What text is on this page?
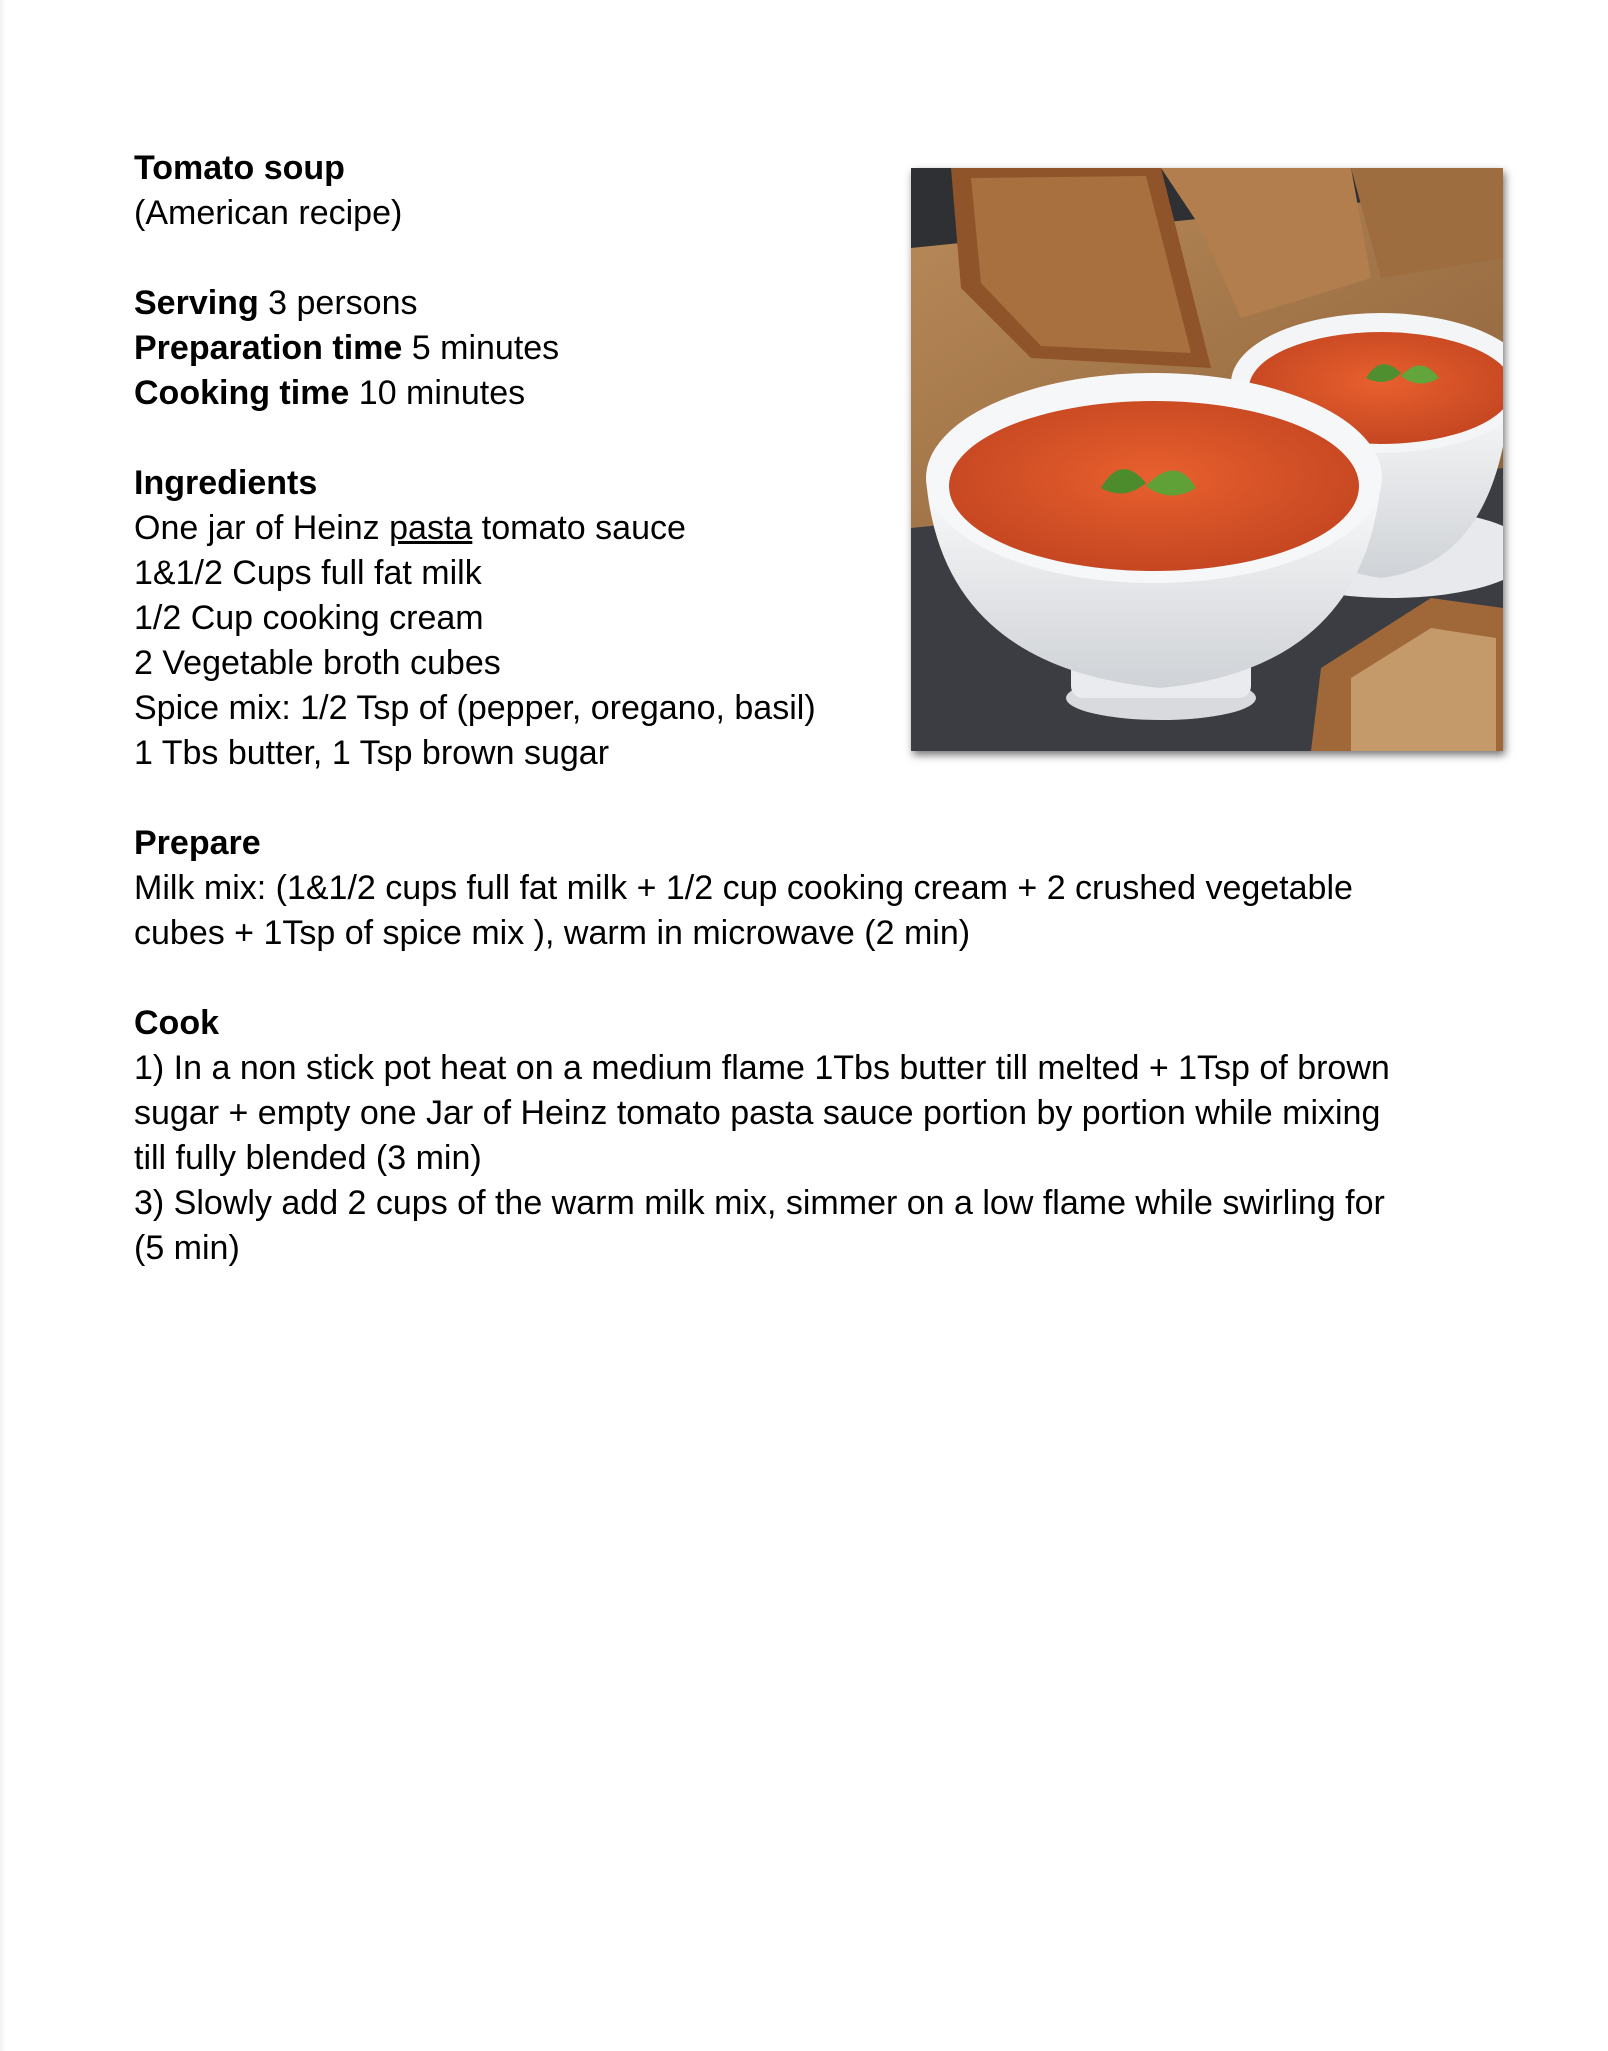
Tomato soup
(American recipe)
Serving 3 persons
Preparation time 5 minutes
Cooking time 10 minutes
Ingredients
One jar of Heinz pasta tomato sauce
1&1/2 Cups full fat milk
1/2 Cup cooking cream
2 Vegetable broth cubes
Spice mix: 1/2 Tsp of (pepper, oregano, basil)
1 Tbs butter, 1 Tsp brown sugar
Prepare
Milk mix: (1&1/2 cups full fat milk + 1/2 cup cooking cream + 2 crushed vegetable
cubes + 1Tsp of spice mix ), warm in microwave (2 min)
Cook
1) In a non stick pot heat on a medium flame 1Tbs butter till melted + 1Tsp of brown
sugar + empty one Jar of Heinz tomato pasta sauce portion by portion while mixing
till fully blended (3 min)
3) Slowly add 2 cups of the warm milk mix, simmer on a low flame while swirling for
(5 min)
